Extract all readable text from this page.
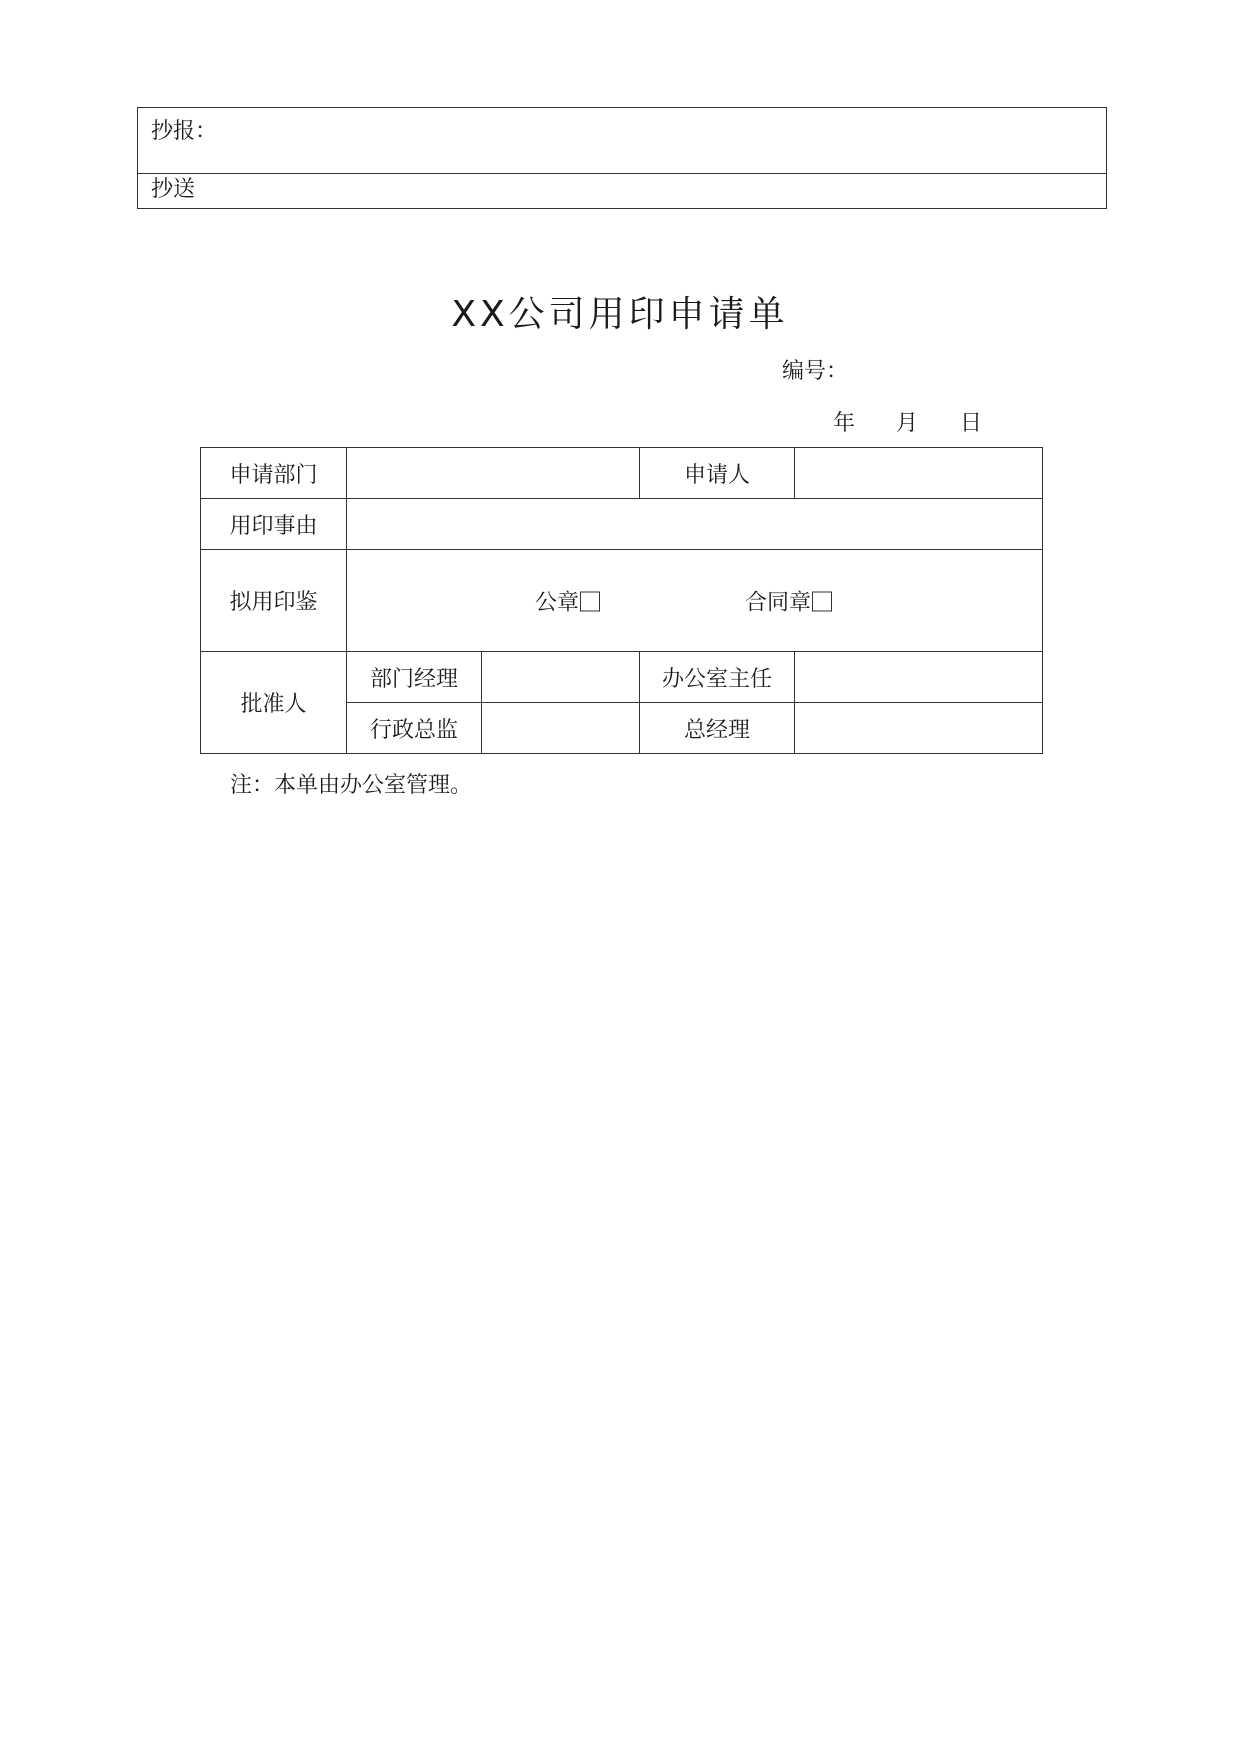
抄报：
抄送
XX公司用印申请单
编号：
年 月 日
申请部门			申请人	
用印事由				
拟用印鉴	公章 合同章			

批准人	部门经理		办公室主任	
	行政总监		总经理	
注：本单由办公室管理。
